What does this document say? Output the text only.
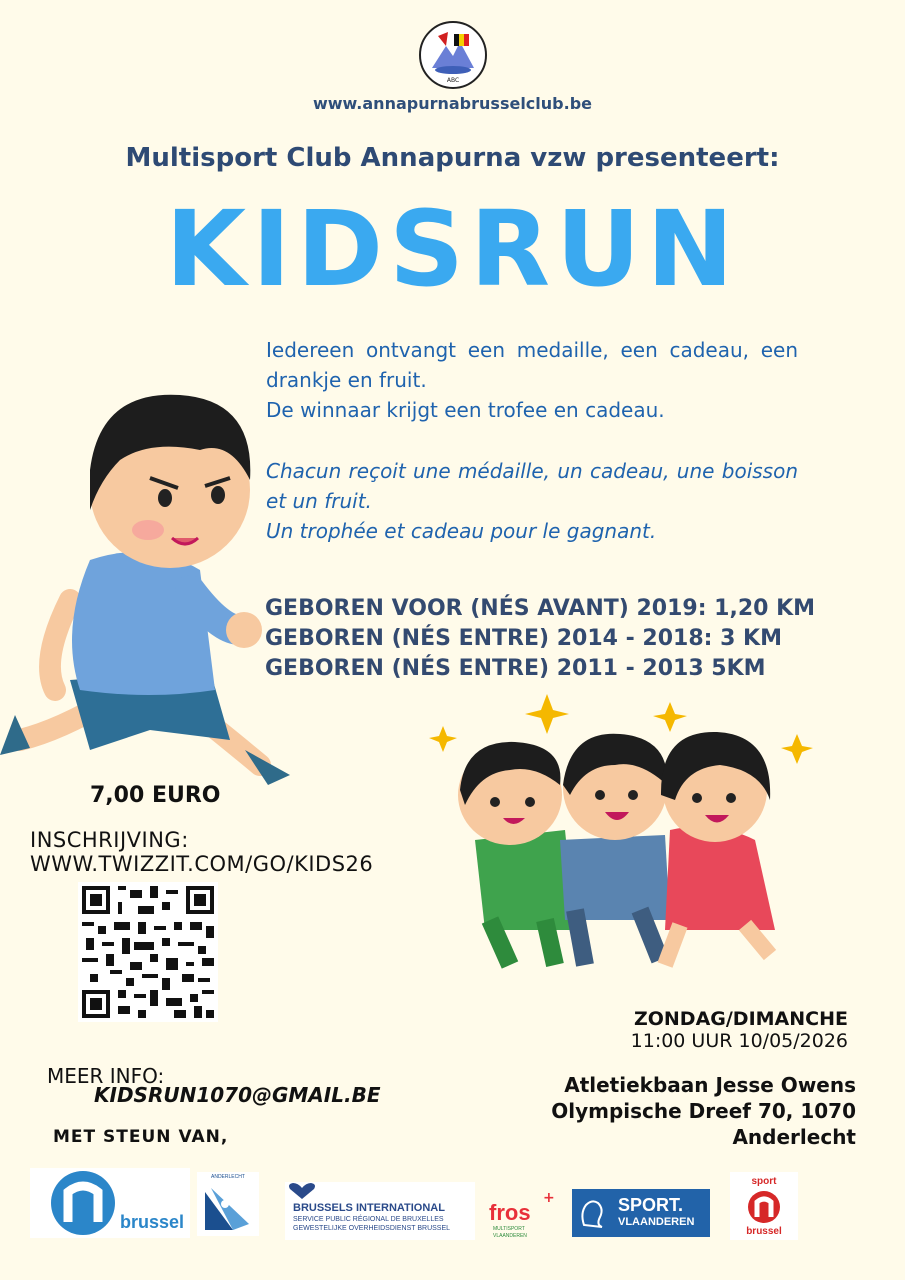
ABC
www.annapurnabrusselclub.be
Multisport Club Annapurna vzw presenteert:
KIDSRUN

Iedereen ontvangt een medaille, een cadeau, een drankje en fruit.

De winnaar krijgt een trofee en cadeau.

Chacun reçoit une médaille, un cadeau, une boisson et un fruit.

Un trophée et cadeau pour le gagnant.

GEBOREN VOOR (NÉS AVANT) 2019: 1,20 KM
GEBOREN (NÉS ENTRE) 2014 - 2018: 3 KM
GEBOREN (NÉS ENTRE) 2011 - 2013 5KM
7,00 EURO
INSCHRIJVING:
WWW.TWIZZIT.COM/GO/KIDS26
ZONDAG/DIMANCHE
11:00 UUR 10/05/2026
MEER INFO:
KIDSRUN1070@GMAIL.BE	Atletiekbaan Jesse Owens
Olympische Dreef 70, 1070
Anderlecht
MET STEUN VAN,
brussel
ANDERLECHT
BRUSSELS INTERNATIONAL
SERVICE PUBLIC RÉGIONAL DE BRUXELLES
GEWESTELIJKE OVERHEIDSDIENST BRUSSEL
fros
+
MULTISPORT
VLAANDEREN
SPORT.
VLAANDEREN
sport
brussel
